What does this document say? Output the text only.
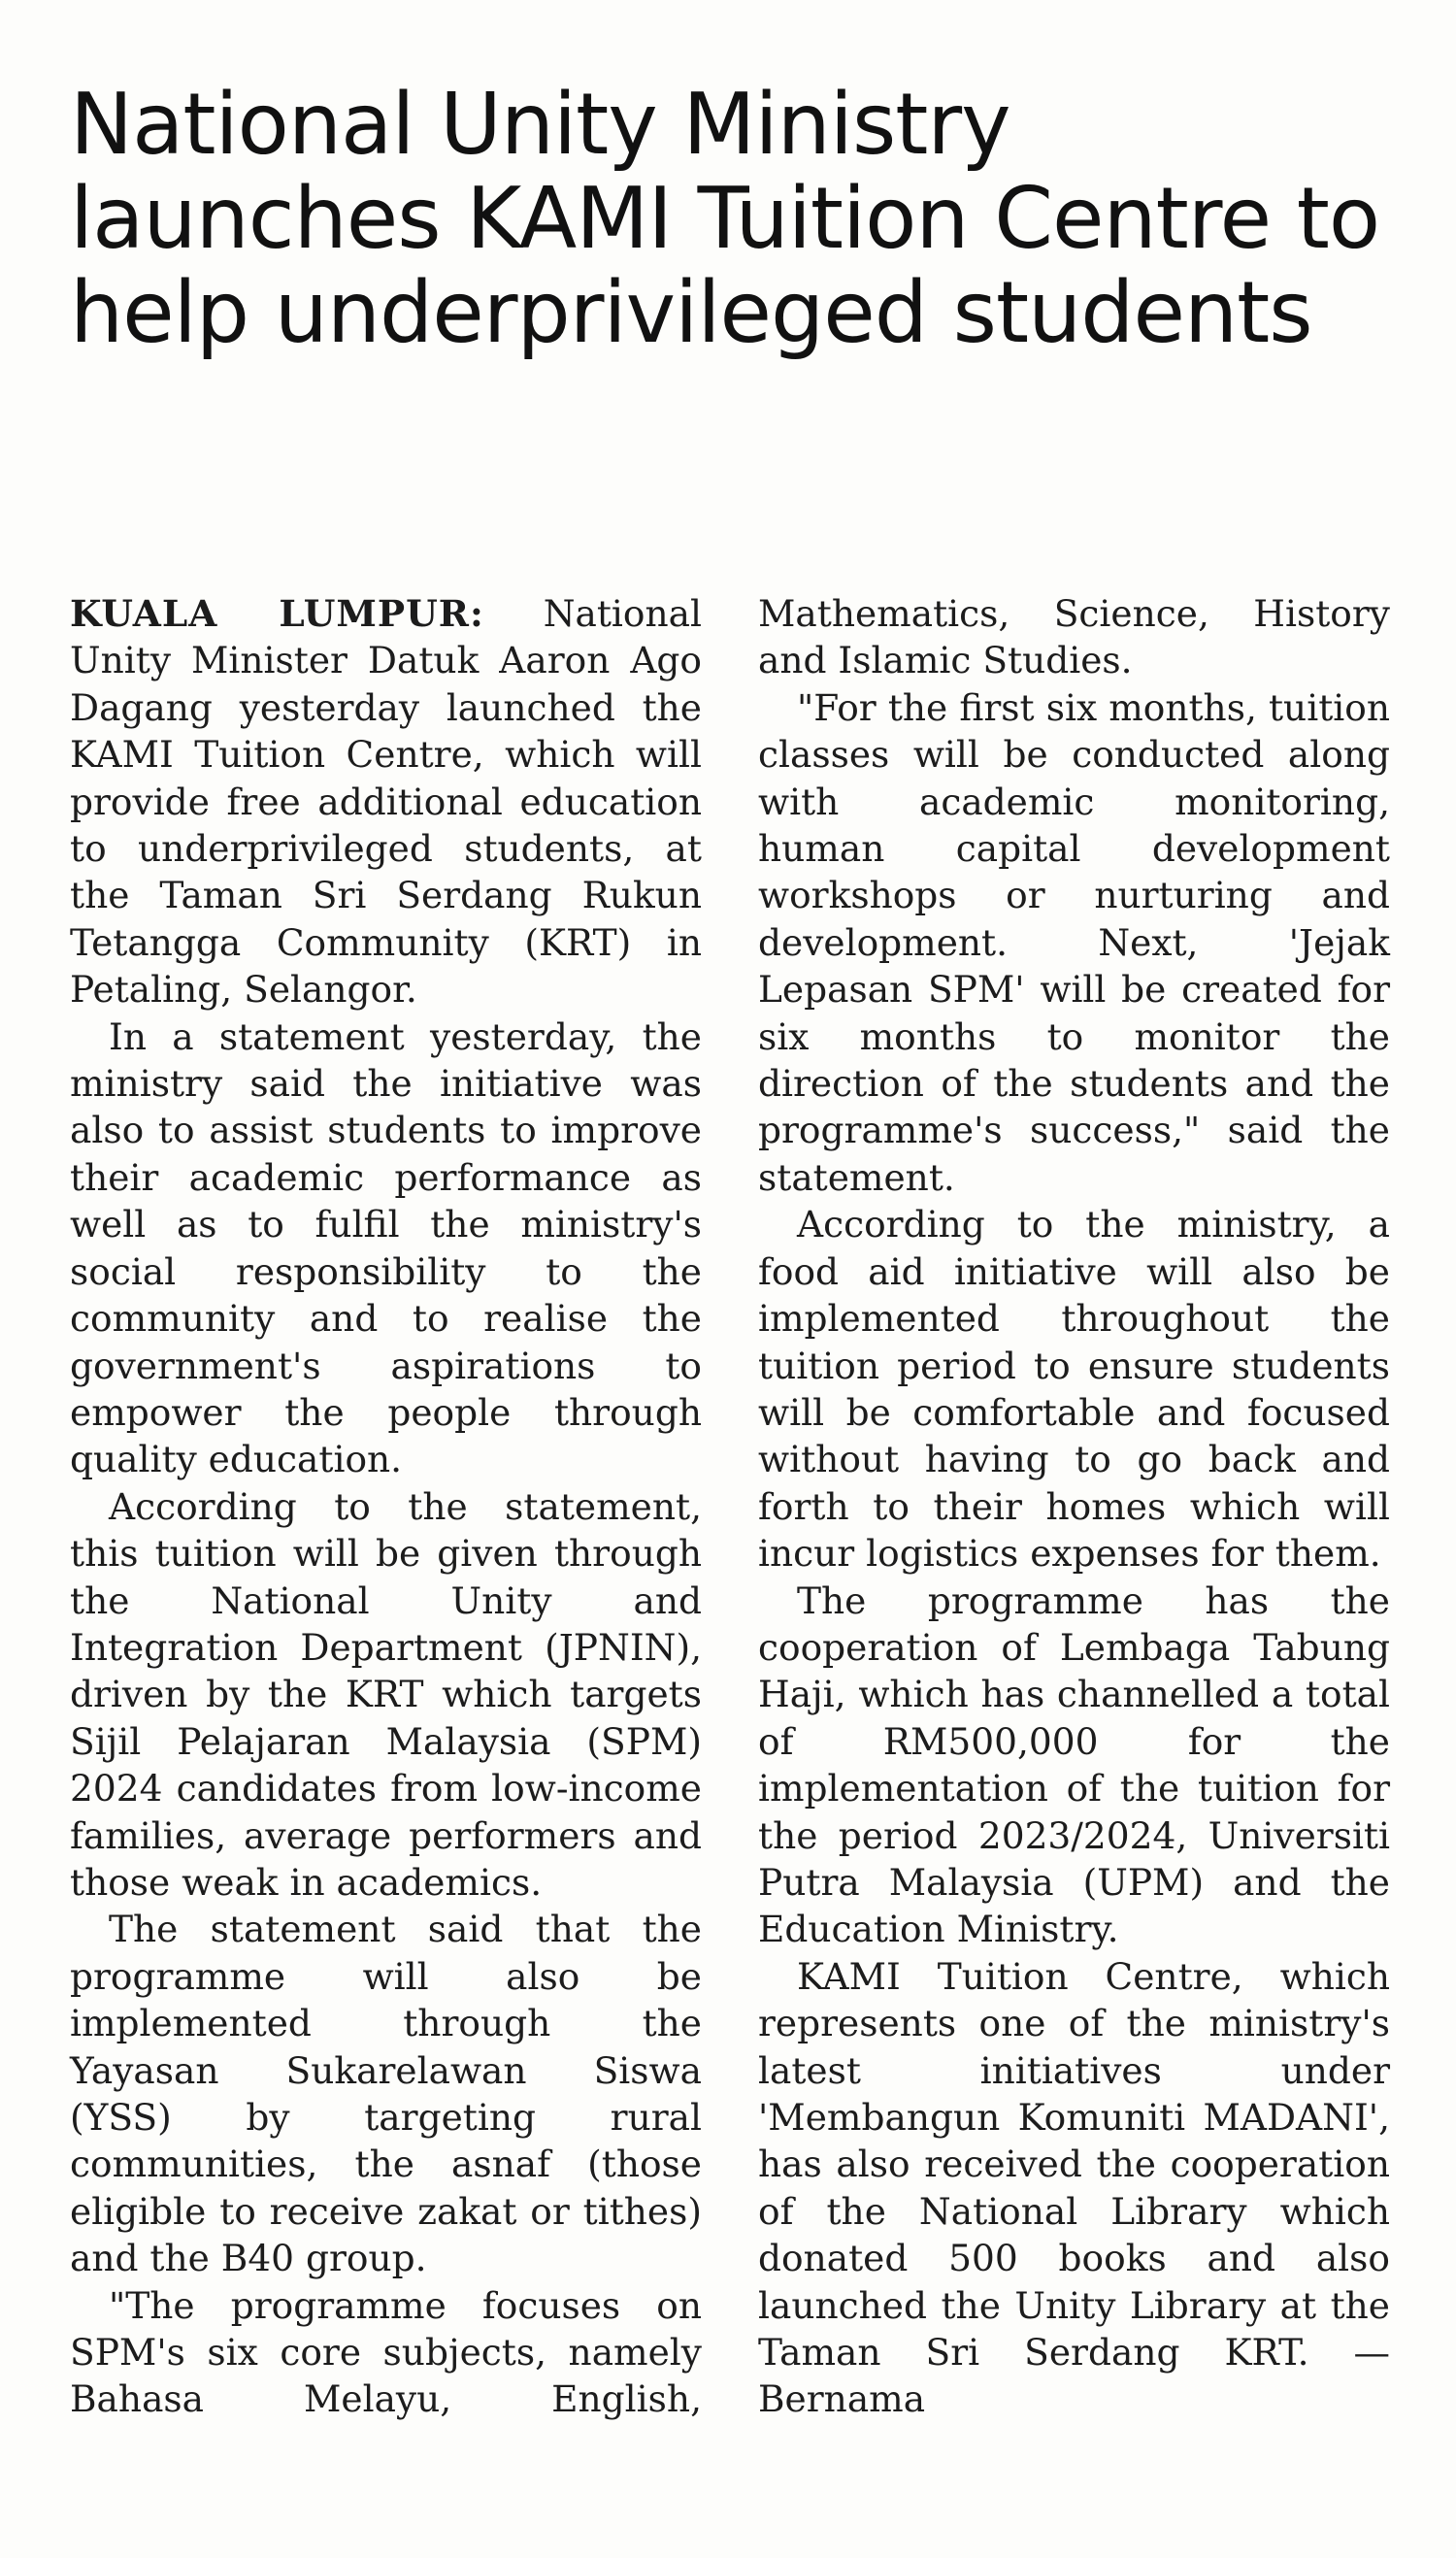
National Unity Ministry launches KAMI Tuition Centre to help underprivileged students

KUALA LUMPUR: National Unity Minister Datuk Aaron Ago Dagang yesterday launched the KAMI Tuition Centre, which will provide free additional education to underprivileged students, at the Taman Sri Serdang Rukun Tetangga Community (KRT) in Petaling, Selangor.

In a statement yesterday, the ministry said the initiative was also to assist students to improve their academic performance as well as to fulfil the ministry's social responsibility to the community and to realise the government's aspirations to empower the people through quality education.

According to the statement, this tuition will be given through the National Unity and Integration Department (JPNIN), driven by the KRT which targets Sijil Pelajaran Malaysia (SPM) 2024 candidates from low-income families, average performers and those weak in academics.

The statement said that the programme will also be implemented through the Yayasan Sukarelawan Siswa (YSS) by targeting rural communities, the asnaf (those eligible to receive zakat or tithes) and the B40 group.

"The programme focuses on SPM's six core subjects, namely Bahasa Melayu, English, Mathematics, Science, History and Islamic Studies.

"For the first six months, tuition classes will be conducted along with academic monitoring, human capital development workshops or nurturing and development. Next, 'Jejak Lepasan SPM' will be created for six months to monitor the direction of the students and the programme's success," said the statement.

According to the ministry, a food aid initiative will also be implemented throughout the tuition period to ensure students will be comfortable and focused without having to go back and forth to their homes which will incur logistics expenses for them.

The programme has the cooperation of Lembaga Tabung Haji, which has channelled a total of RM500,000 for the implementation of the tuition for the period 2023/2024, Universiti Putra Malaysia (UPM) and the Education Ministry.

KAMI Tuition Centre, which represents one of the ministry's latest initiatives under 'Membangun Komuniti MADANI', has also received the cooperation of the National Library which donated 500 books and also launched the Unity Library at the Taman Sri Serdang KRT. — Bernama
